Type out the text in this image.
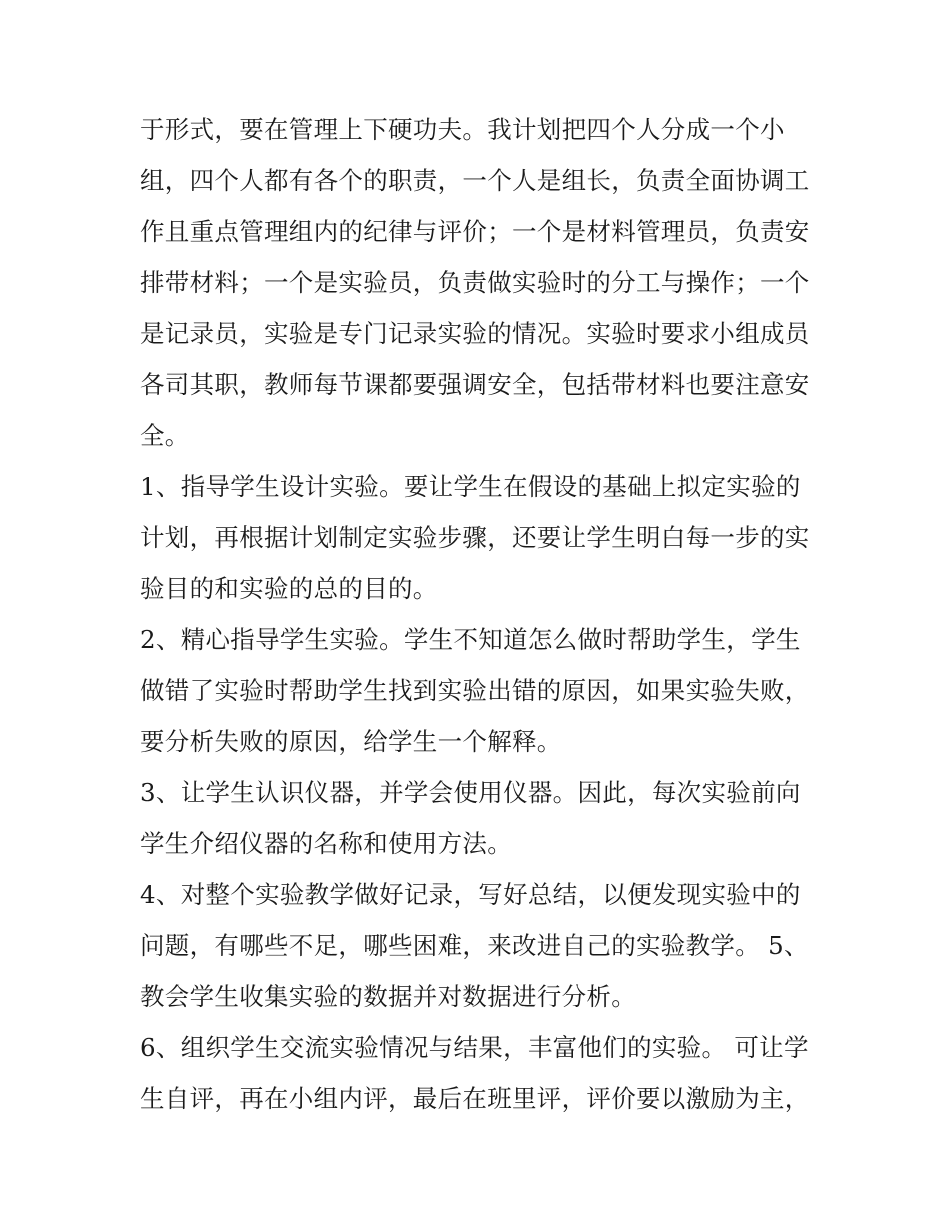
于形式，要在管理上下硬功夫。我计划把四个人分成一个小
组，四个人都有各个的职责，一个人是组长，负责全面协调工
作且重点管理组内的纪律与评价；一个是材料管理员，负责安
排带材料；一个是实验员，负责做实验时的分工与操作；一个
是记录员，实验是专门记录实验的情况。实验时要求小组成员
各司其职，教师每节课都要强调安全，包括带材料也要注意安
全。
1、指导学生设计实验。要让学生在假设的基础上拟定实验的
计划，再根据计划制定实验步骤，还要让学生明白每一步的实
验目的和实验的总的目的。
2、精心指导学生实验。学生不知道怎么做时帮助学生，学生
做错了实验时帮助学生找到实验出错的原因，如果实验失败，
要分析失败的原因，给学生一个解释。
3、让学生认识仪器，并学会使用仪器。因此，每次实验前向
学生介绍仪器的名称和使用方法。
4、对整个实验教学做好记录，写好总结，以便发现实验中的
问题，有哪些不足，哪些困难，来改进自己的实验教学。 5、
教会学生收集实验的数据并对数据进行分析。
6、组织学生交流实验情况与结果，丰富他们的实验。 可让学
生自评，再在小组内评，最后在班里评，评价要以激励为主，
